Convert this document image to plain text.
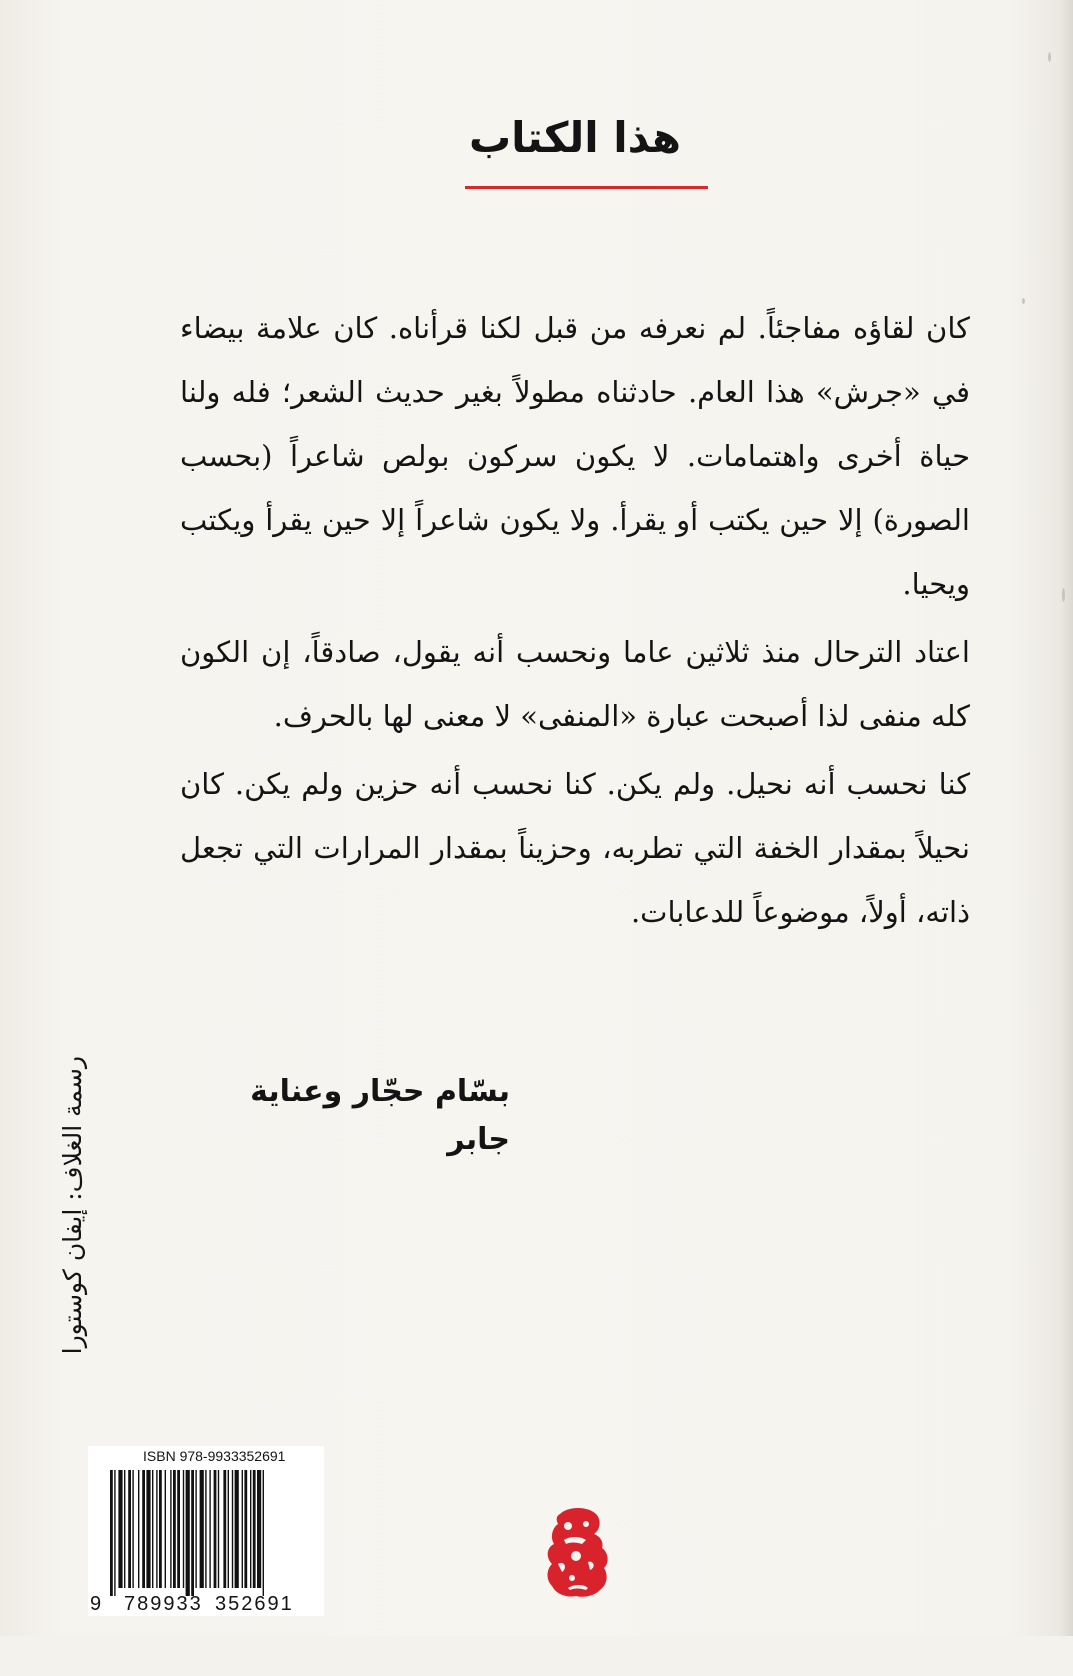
هذا الكتاب

كان لقاؤه مفاجئاً. لم نعرفه من قبل لكنا قرأناه. كان علامة بيضاء في «جرش» هذا العام. حادثناه مطولاً بغير حديث الشعر؛ فله ولنا حياة أخرى واهتمامات. لا يكون سركون بولص شاعراً (بحسب الصورة) إلا حين يكتب أو يقرأ. ولا يكون شاعراً إلا حين يقرأ ويكتب ويحيا.

اعتاد الترحال منذ ثلاثين عاما ونحسب أنه يقول، صادقاً، إن الكون كله منفى لذا أصبحت عبارة «المنفى» لا معنى لها بالحرف.

كنا نحسب أنه نحيل. ولم يكن. كنا نحسب أنه حزين ولم يكن. كان نحيلاً بمقدار الخفة التي تطربه، وحزيناً بمقدار المرارات التي تجعل ذاته، أولاً، موضوعاً للدعابات.

بسّام حجّار وعناية جابر
رسمة الغلاف: إيفان كوستورا
ISBN 978-9933352691
9 789933 352691
